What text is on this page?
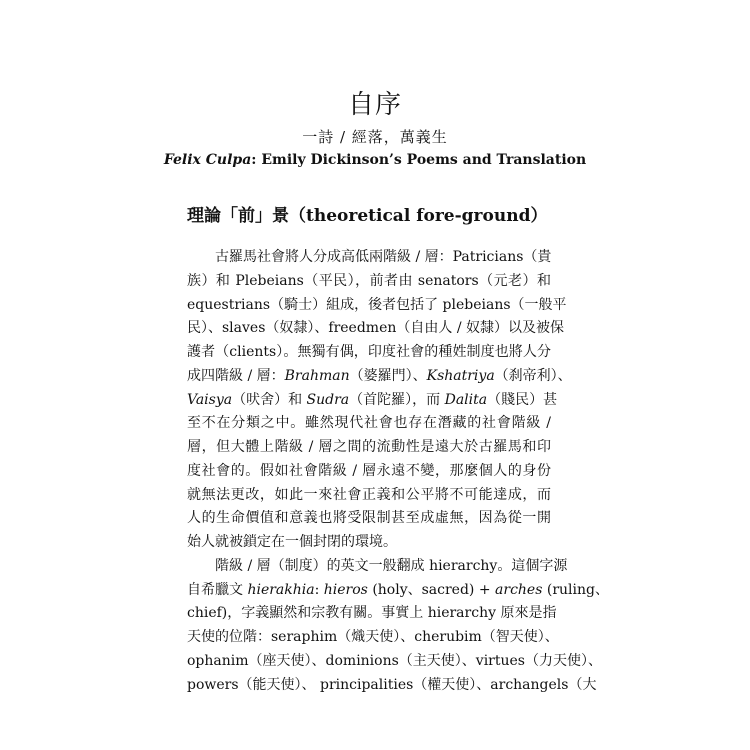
自序
一詩 / 經落，萬義生
Felix Culpa: Emily Dickinson’s Poems and Translation
理論「前」景（theoretical fore-ground）
古羅馬社會將人分成高低兩階級 / 層：Patricians（貴
族）和 Plebeians（平民），前者由 senators（元老）和
equestrians（騎士）組成，後者包括了 plebeians（一般平
民）、slaves（奴隸）、freedmen（自由人 / 奴隸）以及被保
護者（clients）。無獨有偶，印度社會的種姓制度也將人分
成四階級 / 層：Brahman（婆羅門）、Kshatriya（刹帝利）、
Vaisya（吠舍）和 Sudra（首陀羅），而 Dalita（賤民）甚
至不在分類之中。雖然現代社會也存在潛藏的社會階級 /
層，但大體上階級 / 層之間的流動性是遠大於古羅馬和印
度社會的。假如社會階級 / 層永遠不變，那麼個人的身份
就無法更改，如此一來社會正義和公平將不可能達成，而
人的生命價值和意義也將受限制甚至成虛無，因為從一開
始人就被鎖定在一個封閉的環境。
階級 / 層（制度）的英文一般翻成 hierarchy。這個字源
自希臘文 hierakhia: hieros (holy、sacred) + arches (ruling、
chief)，字義顯然和宗教有關。事實上 hierarchy 原來是指
天使的位階：seraphim（熾天使）、cherubim（智天使）、
ophanim（座天使）、dominions（主天使）、virtues（力天使）、
powers（能天使）、 principalities（權天使）、archangels（大
